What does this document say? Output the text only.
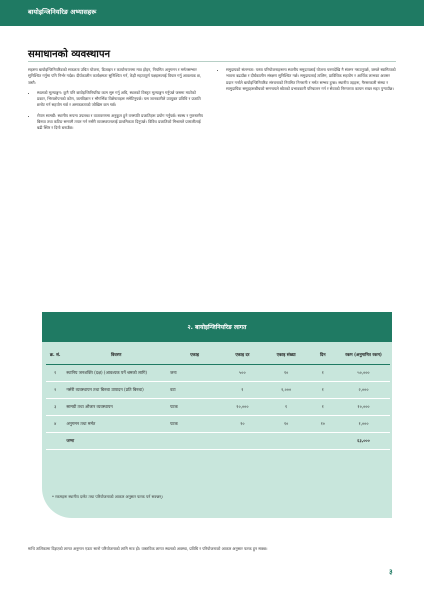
बायोइन्जिनियरिङ अभ्यासहरू
समाधानको व्यवस्थापन

सहरमा बायोइन्जिनियरिङको सफलता उचित योजना, डिजाइन र कार्यान्वयनमा मात्र होइन, नियमित अनुगमन र मर्मतसम्भार सुनिश्चित गर्नुमा पनि निर्भर गर्दछ। दीर्घकालीन कार्यक्षमता सुनिश्चित गर्न, केही महत्वपूर्ण पक्षहरूलाई विचार गर्नु आवश्यक छ, जस्तै:

• स्थलको मूल्याङ्कन: कुनै पनि बायोइन्जिनियरिङ काम सुरु गर्नु अघि, स्थलको विस्तृत मूल्याङ्कन गर्नुपर्छ जसमा माटोको प्रकार, भिरालोपनको कोण, जलविज्ञान र भौगर्भिक विशेषताहरू समेटिनुपर्छ। यस जानकारीले उपयुक्त प्रविधि र प्रजाति छनोट गर्न सहयोग गर्छ र असफलताको जोखिम कम गर्छ।
• रोपण सामग्री: स्थानीय रूपमा उपलब्ध र वातावरणमा अनुकूल हुने वनस्पति प्रजातिहरू प्रयोग गर्नुपर्छ। स्वस्थ र गुणस्तरीय बिरुवा तथा कटिङ समयमै तयार गर्न नर्सरी व्यवस्थापनलाई प्राथमिकता दिनुपर्छ। विविध प्रजातिको मिश्रणले प्रणालीलाई बढी स्थिर र दिगो बनाउँछ।
• समुदायको संलग्नता: यस्ता परियोजनाहरूमा स्थानीय समुदायलाई योजना चरणदेखि नै संलग्न गराउनुपर्छ, जसले स्वामित्वको भावना बढाउँछ र दीर्घकालीन संरक्षण सुनिश्चित गर्छ। समुदायलाई तालिम, प्राविधिक सहयोग र आर्थिक लाभका अवसर प्रदान गर्नाले बायोइन्जिनियरिङ संरचनाको नियमित निगरानी र मर्मत सम्भव हुन्छ। स्थानीय तहहरू, गैरसरकारी संस्था र सामुदायिक समूहहरूबीचको समन्वयले स्रोतको प्रभावकारी परिचालन गर्न र सेवाको निरन्तरता कायम राख्न मद्दत पुर्‍याउँछ।
२. बायोइन्जिनियरिङ लागत
क्र. सं.	विवरण	एकाइ	एकाइ दर	एकाइ संख्या	दिन	रकम (अनुमानित रकम)
१	स्थानिय जनशक्ति (दक्ष) (आवश्यक पर्ने श्रमको लागि)	जना	५००	१०	१	५०,०००
२	नर्सरी व्यवस्थापन तथा बिरुवा उत्पादन (प्रति बिरुवा)	वटा	१	२,०००	१	२,०००
३	सामग्री तथा औजार व्यवस्थापन	पटक	१०,०००	१	१	१०,०००
४	अनुगमन तथा मर्मत	पटक	१०	१०	१०	१,०००
	जम्मा					६३,०००
* रकमहरू स्थानीय दररेट तथा परियोजनाको आकार अनुसार फरक पर्न सक्छन्।
माथि तालिकामा दिइएको लागत अनुमान एउटा सानो परियोजनाको लागि मात्र हो। वास्तविक लागत स्थलको अवस्था, प्रविधि र परियोजनाको आकार अनुसार फरक हुन सक्छ।
३
